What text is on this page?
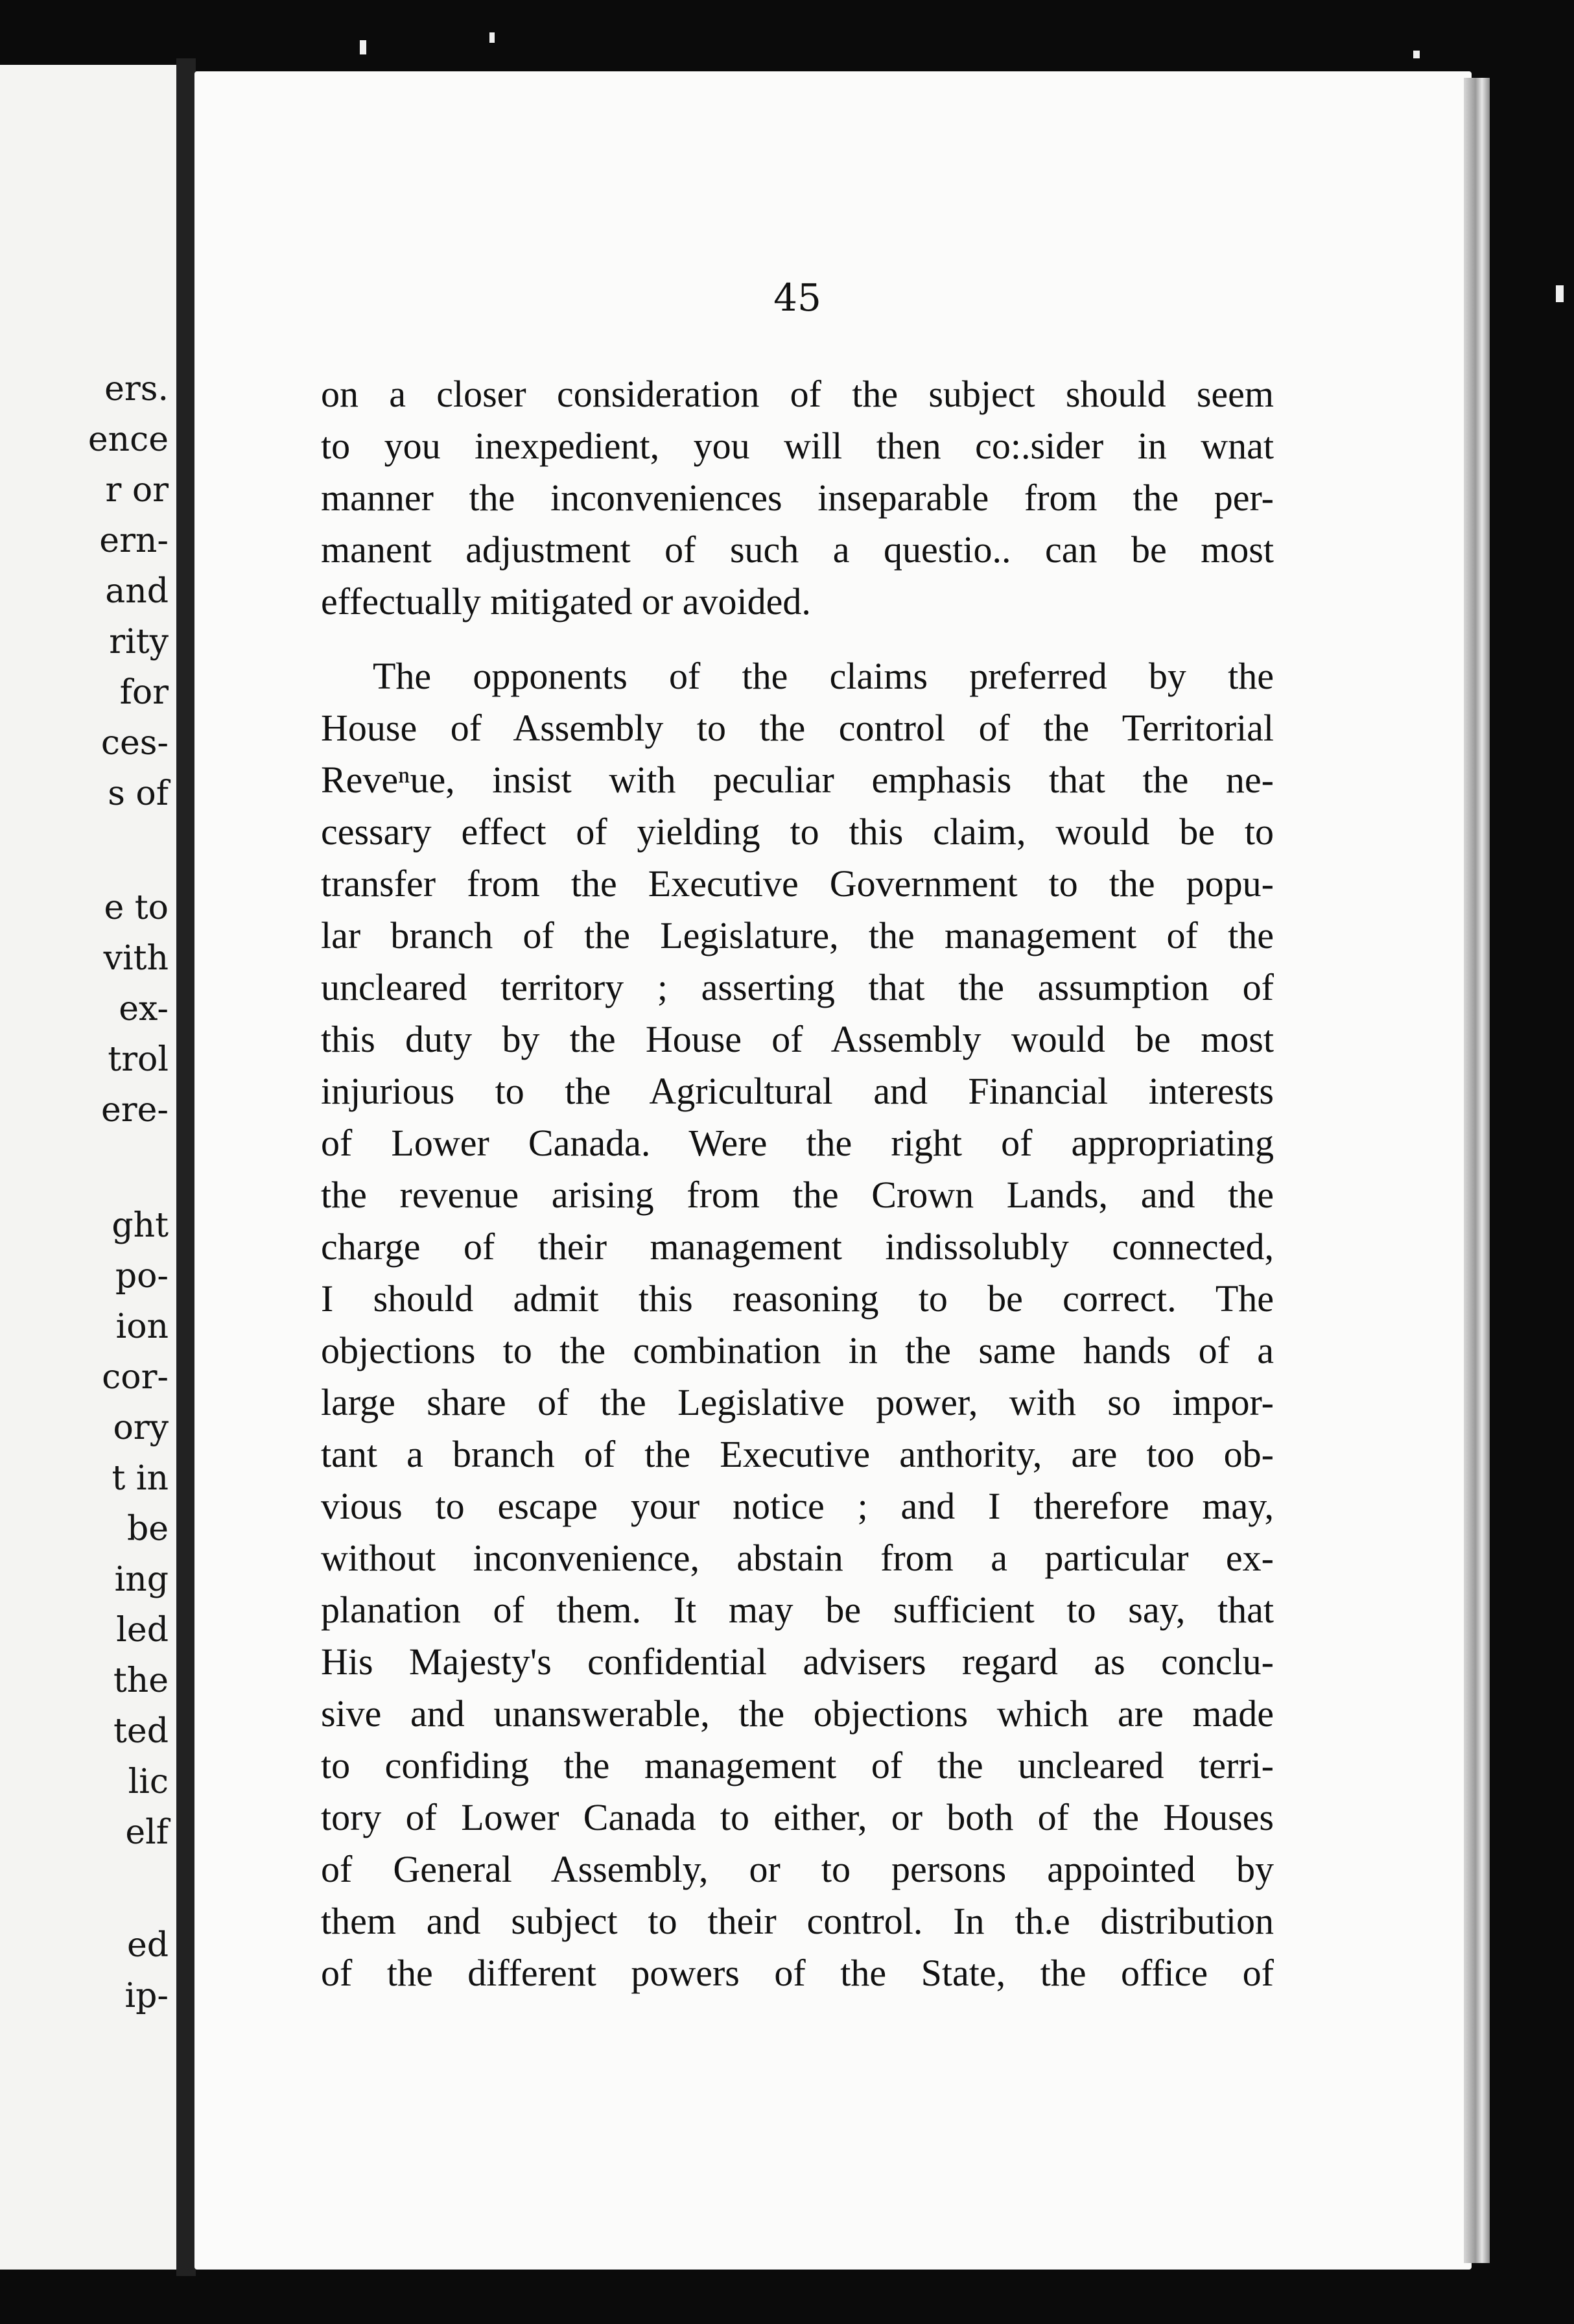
ers.
ence
r or
ern-
and
rity
for
ces-
s of
e to
vith
ex-
trol
ere-
ght
po-
ion
cor-
ory
t in
be
ing
led
the
ted
lic
elf
ed
ip-
45
on a closer consideration of the subject should seem
to you inexpedient, you will then co:.sider in wnat
manner the inconveniences inseparable from the per-
manent adjustment of such a questio.. can be most
effectually mitigated or avoided.
The opponents of the claims preferred by the
House of Assembly to the control of the Territorial
Reveⁿue, insist with peculiar emphasis that the ne-
cessary effect of yielding to this claim, would be to
transfer from the Executive Government to the popu-
lar branch of the Legislature, the management of the
uncleared territory ; asserting that the assumption of
this duty by the House of Assembly would be most
injurious to the Agricultural and Financial interests
of Lower Canada. Were the right of appropriating
the revenue arising from the Crown Lands, and the
charge of their management indissolubly connected,
I should admit this reasoning to be correct. The
objections to the combination in the same hands of a
large share of the Legislative power, with so impor-
tant a branch of the Executive anthority, are too ob-
vious to escape your notice ; and I therefore may,
without inconvenience, abstain from a particular ex-
planation of them. It may be sufficient to say, that
His Majesty's confidential advisers regard as conclu-
sive and unanswerable, the objections which are made
to confiding the management of the uncleared terri-
tory of Lower Canada to either, or both of the Houses
of General Assembly, or to persons appointed by
them and subject to their control. In th.e distribution
of the different powers of the State, the office of
